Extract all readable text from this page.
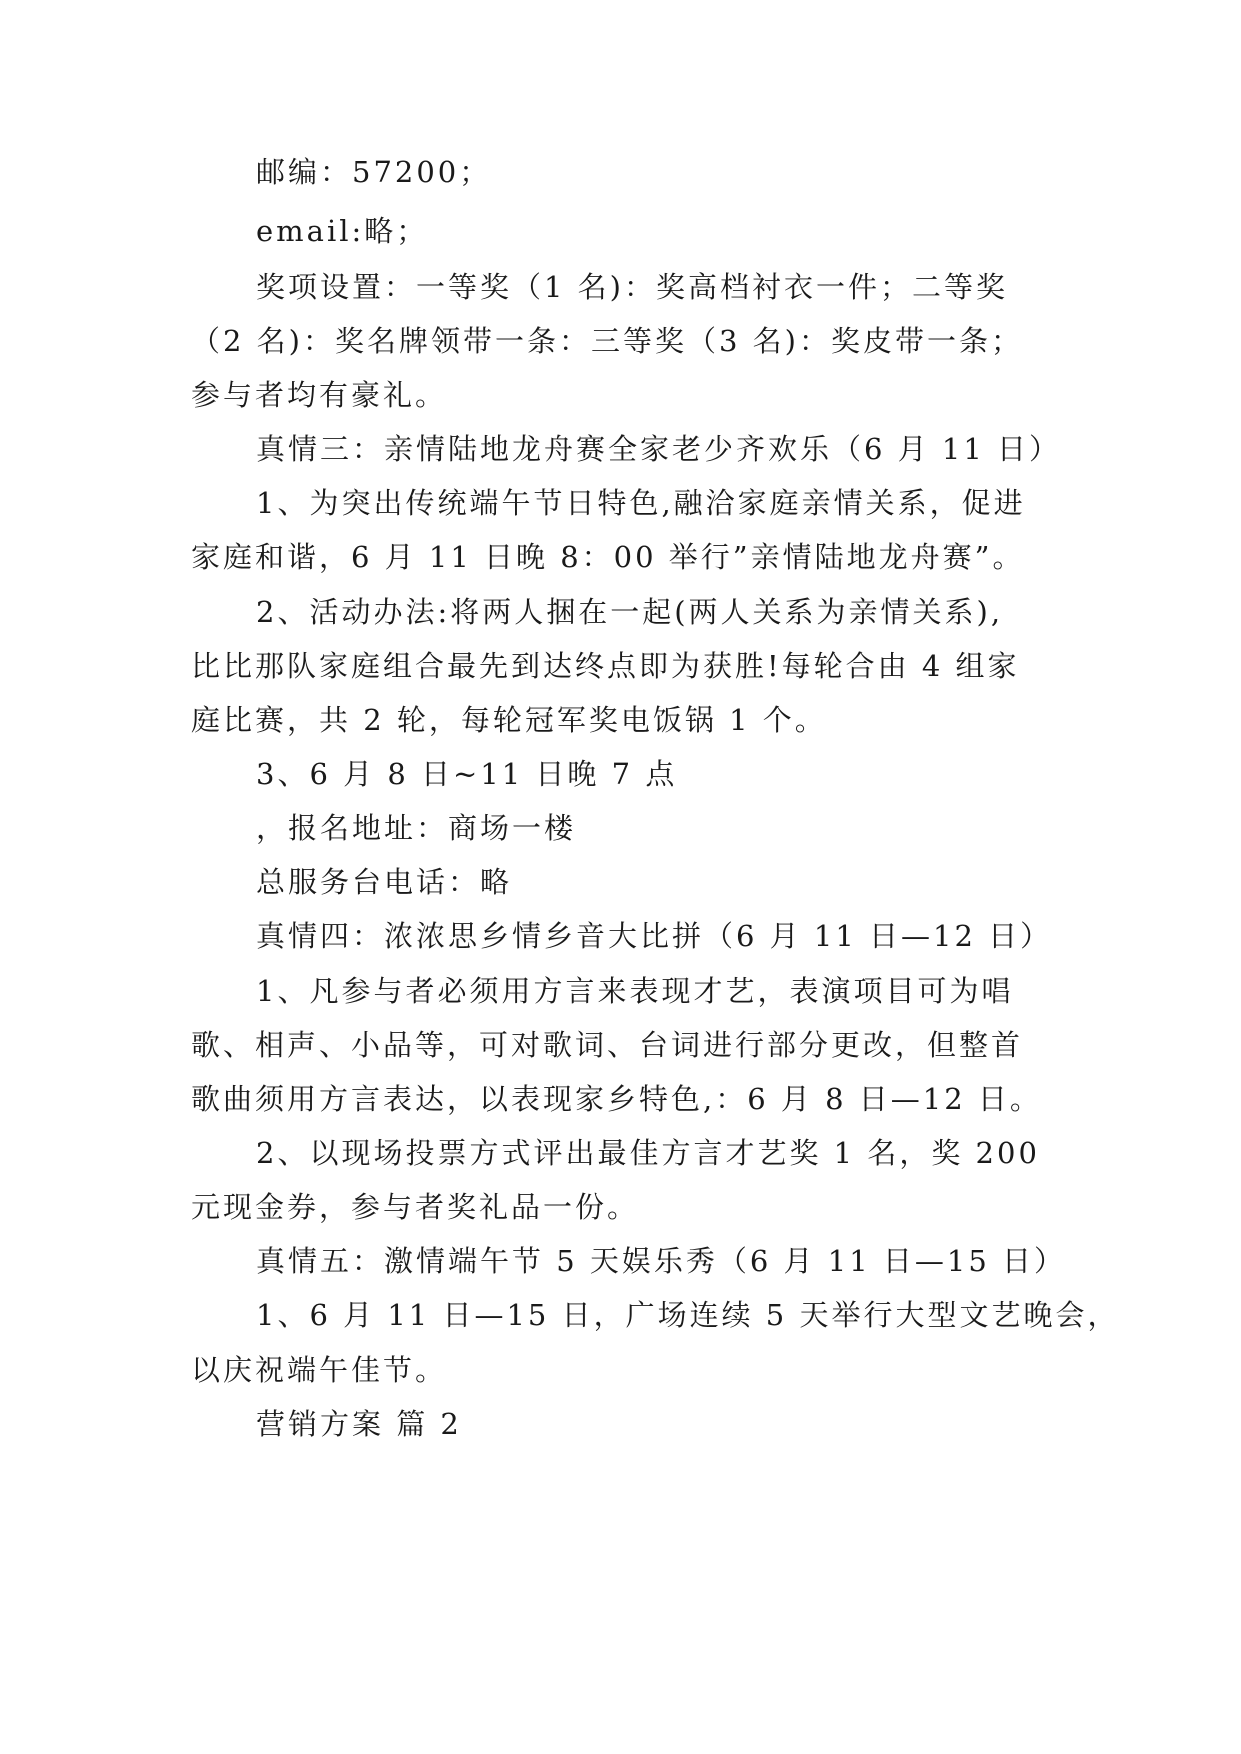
邮编：57200；
email:略；
奖项设置：一等奖（1 名)：奖高档衬衣一件；二等奖
（2 名)：奖名牌领带一条：三等奖（3 名)：奖皮带一条；
参与者均有豪礼。
真情三：亲情陆地龙舟赛全家老少齐欢乐（6 月 11 日）
1、为突出传统端午节日特色,融洽家庭亲情关系，促进
家庭和谐，6 月 11 日晚 8：00 举行”亲情陆地龙舟赛”。
2、活动办法:将两人捆在一起(两人关系为亲情关系),
比比那队家庭组合最先到达终点即为获胜!每轮合由 4 组家
庭比赛，共 2 轮，每轮冠军奖电饭锅 1 个。
3、6 月 8 日~11 日晚 7 点
，报名地址：商场一楼
总服务台电话：略
真情四：浓浓思乡情乡音大比拼（6 月 11 日—12 日）
1、凡参与者必须用方言来表现才艺，表演项目可为唱
歌、相声、小品等，可对歌词、台词进行部分更改，但整首
歌曲须用方言表达，以表现家乡特色,：6 月 8 日—12 日。
2、以现场投票方式评出最佳方言才艺奖 1 名，奖 200
元现金券，参与者奖礼品一份。
真情五：激情端午节 5 天娱乐秀（6 月 11 日—15 日）
1、6 月 11 日—15 日，广场连续 5 天举行大型文艺晚会，
以庆祝端午佳节。
营销方案 篇 2
